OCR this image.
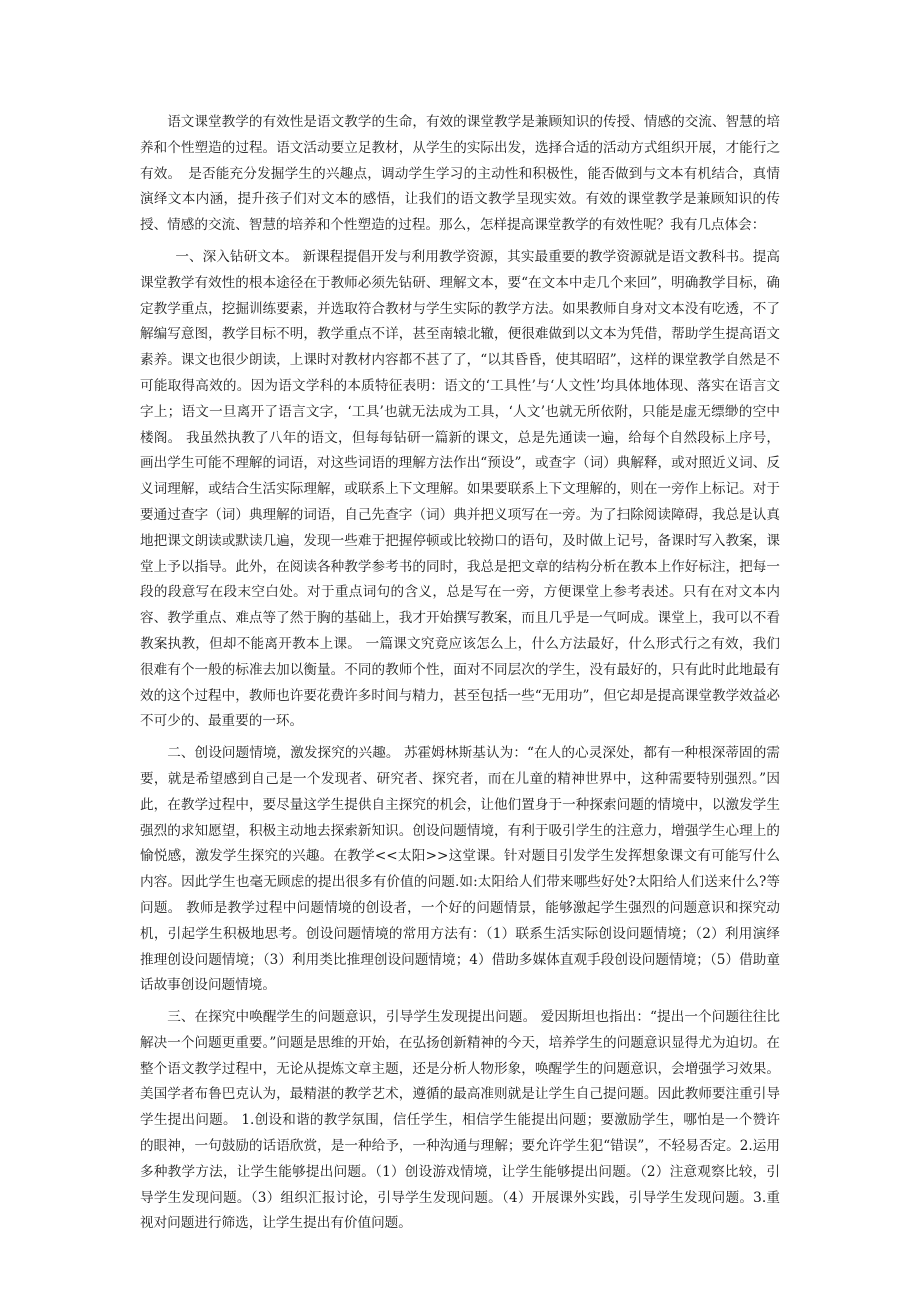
语文课堂教学的有效性是语文教学的生命，有效的课堂教学是兼顾知识的传授、情感的交流、智慧的培养和个性塑造的过程。语文活动要立足教材，从学生的实际出发，选择合适的活动方式组织开展，才能行之有效。　是否能充分发掘学生的兴趣点，调动学生学习的主动性和积极性，能否做到与文本有机结合，真情演绎文本内涵，提升孩子们对文本的感悟，让我们的语文教学呈现实效。有效的课堂教学是兼顾知识的传授、情感的交流、智慧的培养和个性塑造的过程。那么，怎样提高课堂教学的有效性呢？我有几点体会：

一、深入钻研文本。 新课程提倡开发与利用教学资源，其实最重要的教学资源就是语文教科书。提高课堂教学有效性的根本途径在于教师必须先钻研、理解文本，要“在文本中走几个来回”，明确教学目标，确定教学重点，挖掘训练要素，并选取符合教材与学生实际的教学方法。如果教师自身对文本没有吃透，不了解编写意图，教学目标不明，教学重点不详，甚至南辕北辙，便很难做到以文本为凭借，帮助学生提高语文素养。课文也很少朗读，上课时对教材内容都不甚了了，“以其昏昏，使其昭昭”，这样的课堂教学自然是不可能取得高效的。因为语文学科的本质特征表明：语文的‘工具性’与‘人文性’均具体地体现、落实在语言文字上；语文一旦离开了语言文字，‘工具’也就无法成为工具，‘人文’也就无所依附，只能是虚无缥缈的空中楼阁。 我虽然执教了八年的语文，但每每钻研一篇新的课文，总是先通读一遍，给每个自然段标上序号，画出学生可能不理解的词语，对这些词语的理解方法作出“预设”，或查字（词）典解释，或对照近义词、反义词理解，或结合生活实际理解，或联系上下文理解。如果要联系上下文理解的，则在一旁作上标记。对于要通过查字（词）典理解的词语，自己先查字（词）典并把义项写在一旁。为了扫除阅读障碍，我总是认真地把课文朗读或默读几遍，发现一些难于把握停顿或比较拗口的语句，及时做上记号，备课时写入教案，课堂上予以指导。此外，在阅读各种教学参考书的同时，我总是把文章的结构分析在教本上作好标注，把每一段的段意写在段末空白处。对于重点词句的含义，总是写在一旁，方便课堂上参考表述。只有在对文本内容、教学重点、难点等了然于胸的基础上，我才开始撰写教案，而且几乎是一气呵成。课堂上，我可以不看教案执教，但却不能离开教本上课。 一篇课文究竟应该怎么上，什么方法最好，什么形式行之有效，我们很难有个一般的标准去加以衡量。不同的教师个性，面对不同层次的学生，没有最好的，只有此时此地最有效的这个过程中，教师也许要花费许多时间与精力，甚至包括一些“无用功”，但它却是提高课堂教学效益必不可少的、最重要的一环。

二、创设问题情境，激发探究的兴趣。 苏霍姆林斯基认为：“在人的心灵深处，都有一种根深蒂固的需要，就是希望感到自己是一个发现者、研究者、探究者，而在儿童的精神世界中，这种需要特别强烈。”因此，在教学过程中，要尽量这学生提供自主探究的机会，让他们置身于一种探索问题的情境中，以激发学生强烈的求知愿望，积极主动地去探索新知识。创设问题情境，有利于吸引学生的注意力，增强学生心理上的愉悦感，激发学生探究的兴趣。在教学<<太阳>>这堂课。针对题目引发学生发挥想象课文有可能写什么内容。因此学生也毫无顾虑的提出很多有价值的问题.如:太阳给人们带来哪些好处?太阳给人们送来什么?等问题。 教师是教学过程中问题情境的创设者，一个好的问题情景，能够激起学生强烈的问题意识和探究动机，引起学生积极地思考。创设问题情境的常用方法有：（1）联系生活实际创设问题情境；（2）利用演绎推理创设问题情境；（3）利用类比推理创设问题情境；4）借助多媒体直观手段创设问题情境；（5）借助童话故事创设问题情境。

三、在探究中唤醒学生的问题意识，引导学生发现提出问题。 爱因斯坦也指出：“提出一个问题往往比解决一个问题更重要。”问题是思维的开始，在弘扬创新精神的今天，培养学生的问题意识显得尤为迫切。在整个语文教学过程中，无论从提炼文章主题，还是分析人物形象，唤醒学生的问题意识，会增强学习效果。美国学者布鲁巴克认为，最精湛的教学艺术，遵循的最高准则就是让学生自己提问题。因此教师要注重引导学生提出问题。 1.创设和谐的教学氛围，信任学生，相信学生能提出问题；要激励学生，哪怕是一个赞许的眼神，一句鼓励的话语欣赏，是一种给予，一种沟通与理解；要允许学生犯“错误”，不轻易否定。2.运用多种教学方法，让学生能够提出问题。（1）创设游戏情境，让学生能够提出问题。（2）注意观察比较，引导学生发现问题。（3）组织汇报讨论，引导学生发现问题。（4）开展课外实践，引导学生发现问题。3.重视对问题进行筛选，让学生提出有价值问题。
